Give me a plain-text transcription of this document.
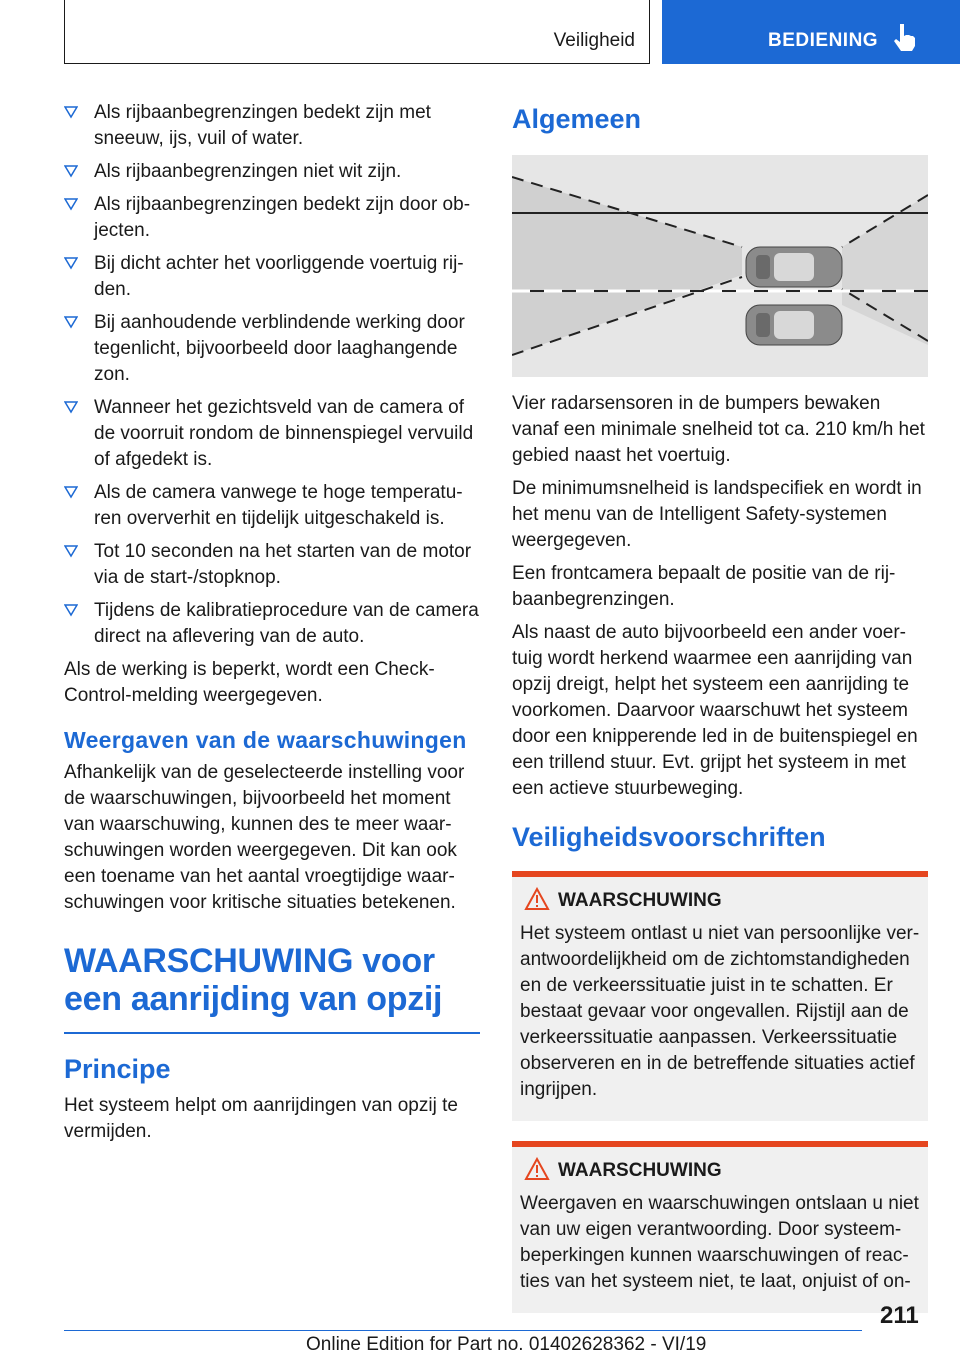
Veiligheid	BEDIENING
Als rijbaanbegrenzingen bedekt zijn met sneeuw, ijs, vuil of water.
Als rijbaanbegrenzingen niet wit zijn.
Als rijbaanbegrenzingen bedekt zijn door ob-jecten.
Bij dicht achter het voorliggende voertuig rij-den.
Bij aanhoudende verblindende werking door tegenlicht, bijvoorbeeld door laaghangende zon.
Wanneer het gezichtsveld van de camera of de voorruit rondom de binnenspiegel vervuild of afgedekt is.
Als de camera vanwege te hoge temperatu-ren oververhit en tijdelijk uitgeschakeld is.
Tot 10 seconden na het starten van de motor via de start-/stopknop.
Tijdens de kalibratieprocedure van de camera direct na aflevering van de auto.

Als de werking is beperkt, wordt een Check-Control-melding weergegeven.

Weergaven van de waarschuwingen

Afhankelijk van de geselecteerde instelling voor de waarschuwingen, bijvoorbeeld het moment van waarschuwing, kunnen des te meer waar-schuwingen worden weergegeven. Dit kan ook een toename van het aantal vroegtijdige waar-schuwingen voor kritische situaties betekenen.

WAARSCHUWING voor een aanrijding van opzij
Principe

Het systeem helpt om aanrijdingen van opzij te vermijden.

Algemeen

Vier radarsensoren in de bumpers bewaken vanaf een minimale snelheid tot ca. 210 km/h het gebied naast het voertuig.

De minimumsnelheid is landspecifiek en wordt in het menu van de Intelligent Safety-systemen weergegeven.

Een frontcamera bepaalt de positie van de rij-baanbegrenzingen.

Als naast de auto bijvoorbeeld een ander voer-tuig wordt herkend waarmee een aanrijding van opzij dreigt, helpt het systeem een aanrijding te voorkomen. Daarvoor waarschuwt het systeem door een knipperende led in de buitenspiegel en een trillend stuur. Evt. grijpt het systeem in met een actieve stuurbeweging.

Veiligheidsvoorschriften
WAARSCHUWING

Het systeem ontlast u niet van persoonlijke ver-antwoordelijkheid om de zichtomstandigheden en de verkeerssituatie juist in te schatten. Er bestaat gevaar voor ongevallen. Rijstijl aan de verkeerssituatie aanpassen. Verkeerssituatie observeren en in de betreffende situaties actief ingrijpen.

WAARSCHUWING

Weergaven en waarschuwingen ontslaan u niet van uw eigen verantwoording. Door systeem-beperkingen kunnen waarschuwingen of reac-ties van het systeem niet, te laat, onjuist of on-

211
Online Edition for Part no. 01402628362 - VI/19
